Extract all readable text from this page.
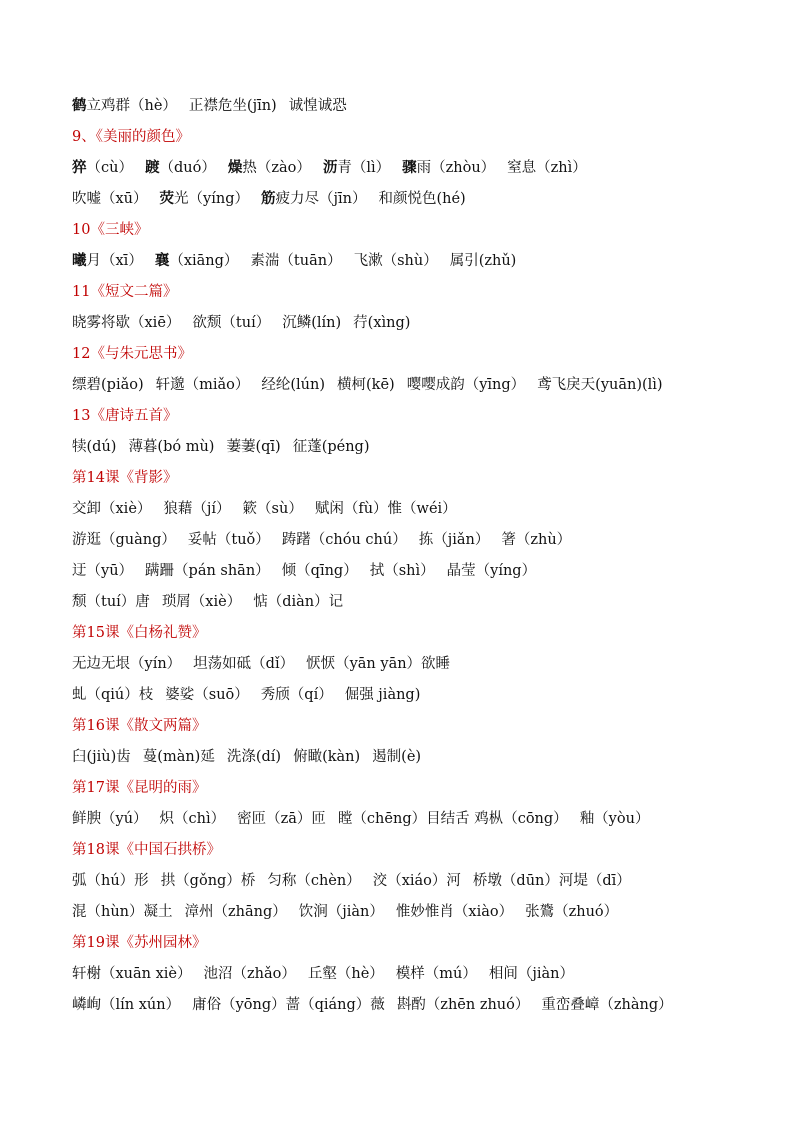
鹤立鸡群（hè） 正襟危坐(jīn) 诚惶诚恐
9、《美丽的颜色》
猝（cù） 踱（duó） 燥热（zào） 沥青（lì） 骤雨（zhòu） 窒息（zhì）
吹嘘（xū） 荧光（yíng） 筋疲力尽（jīn） 和颜悦色(hé)
10《三峡》
曦月（xī） 襄（xiāng） 素湍（tuān） 飞漱（shù） 属引(zhǔ)
11《短文二篇》
晓雾将歇（xiē） 欲颓（tuí） 沉鳞(lín) 荇(xìng)
12《与朱元思书》
缥碧(piǎo) 轩邈（miǎo） 经纶(lún) 横柯(kē) 嘤嘤成韵（yīng） 鸢飞戾天(yuān)(lì)
13《唐诗五首》
犊(dú) 薄暮(bó mù) 萋萋(qī) 征蓬(péng)
第14课《背影》
交卸（xiè） 狼藉（jí） 簌（sù） 赋闲（fù）惟（wéi）
游逛（guàng） 妥帖（tuǒ） 踌躇（chóu chú） 拣（jiǎn） 箸（zhù）
迂（yū） 蹒跚（pán shān） 倾（qīng） 拭（shì） 晶莹（yíng）
颓（tuí）唐 琐屑（xiè） 惦（diàn）记
第15课《白杨礼赞》
无边无垠（yín） 坦荡如砥（dǐ） 恹恹（yān yān）欲睡
虬（qiú）枝 婆娑（suō） 秀颀（qí） 倔强 jiàng)
第16课《散文两篇》
臼(jiù)齿 蔓(màn)延 洗涤(dí) 俯瞰(kàn) 遏制(è)
第17课《昆明的雨》
鲜腴（yú） 炽（chì） 密匝（zā）匝 瞠（chēng）目结舌 鸡枞（cōng） 釉（yòu）
第18课《中国石拱桥》
弧（hú）形 拱（gǒng）桥 匀称（chèn） 洨（xiáo）河 桥墩（dūn）河堤（dī）
混（hùn）凝土 漳州（zhāng） 饮涧（jiàn） 惟妙惟肖（xiào） 张鷟（zhuó）
第19课《苏州园林》
轩榭（xuān xiè） 池沼（zhǎo） 丘壑（hè） 模样（mú） 相间（jiàn）
嶙峋（lín xún） 庸俗（yōng）蔷（qiáng）薇 斟酌（zhēn zhuó） 重峦叠嶂（zhàng）
